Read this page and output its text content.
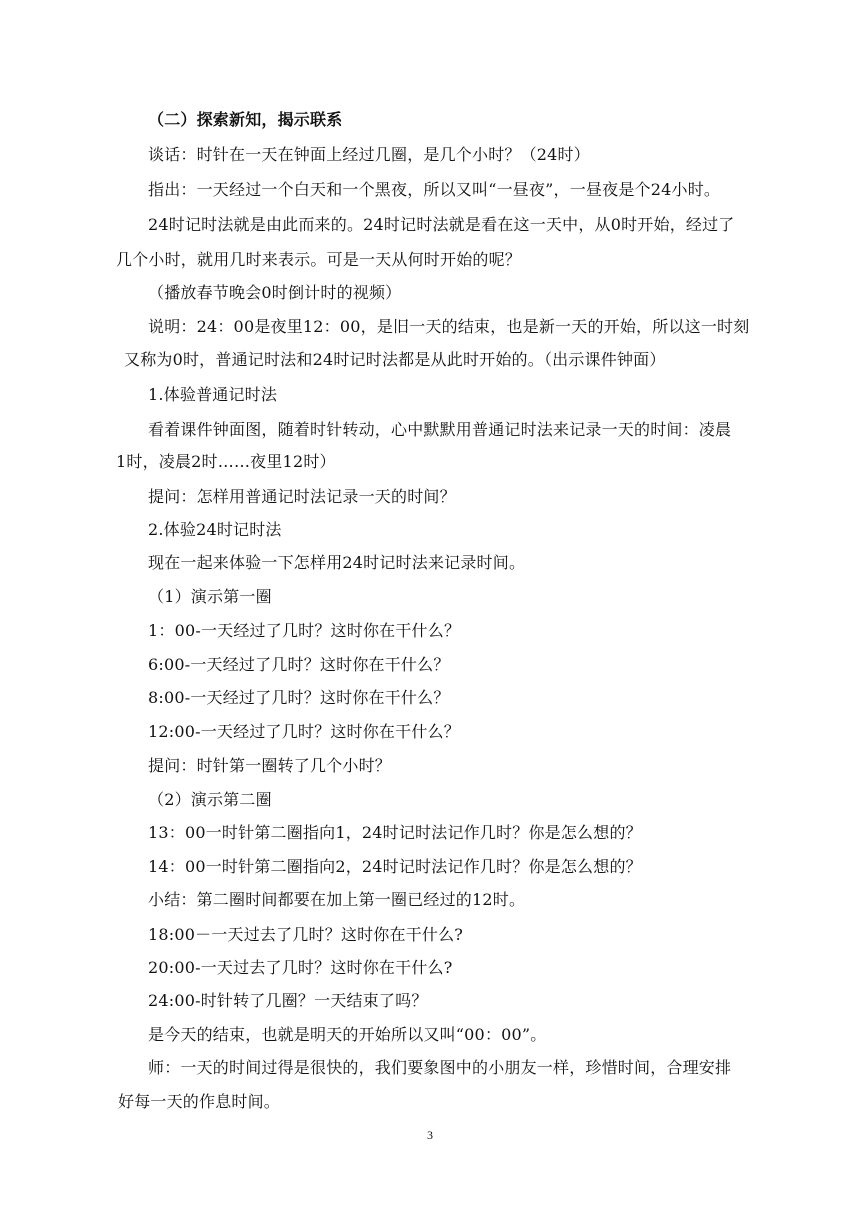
（二）探索新知，揭示联系
谈话：时针在一天在钟面上经过几圈，是几个小时？（24时）
指出：一天经过一个白天和一个黑夜，所以又叫“一昼夜”，一昼夜是个24小时。
24时记时法就是由此而来的。24时记时法就是看在这一天中，从0时开始，经过了
几个小时，就用几时来表示。可是一天从何时开始的呢？
（播放春节晚会0时倒计时的视频）
说明：24：00是夜里12：00，是旧一天的结束，也是新一天的开始，所以这一时刻
又称为0时，普通记时法和24时记时法都是从此时开始的。（出示课件钟面）
1.体验普通记时法
看着课件钟面图，随着时针转动，心中默默用普通记时法来记录一天的时间：凌晨
1时，凌晨2时……夜里12时）
提问：怎样用普通记时法记录一天的时间？
2.体验24时记时法
现在一起来体验一下怎样用24时记时法来记录时间。
（1）演示第一圈
1：00-一天经过了几时？这时你在干什么？
6:00-一天经过了几时？这时你在干什么？
8:00-一天经过了几时？这时你在干什么？
12:00-一天经过了几时？这时你在干什么？
提问：时针第一圈转了几个小时？
（2）演示第二圈
13：00一时针第二圈指向1，24时记时法记作几时？你是怎么想的？
14：00一时针第二圈指向2，24时记时法记作几时？你是怎么想的？
小结：第二圈时间都要在加上第一圈已经过的12时。
18:00－一天过去了几时？这时你在干什么?
20:00-一天过去了几时？这时你在干什么?
24:00-时针转了几圈？一天结束了吗？
是今天的结束，也就是明天的开始所以又叫“00：00”。
师：一天的时间过得是很快的，我们要象图中的小朋友一样，珍惜时间，合理安排
好每一天的作息时间。
3
